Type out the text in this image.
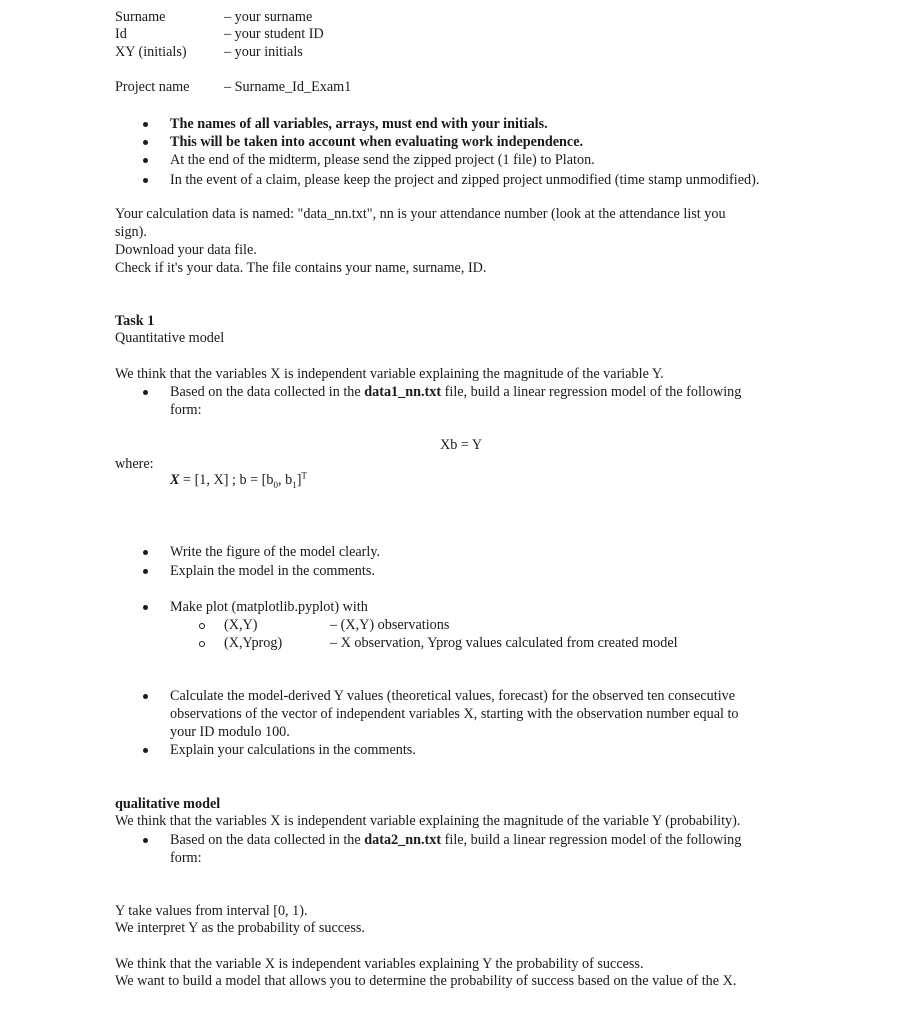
Surname	– your surname
Id	– your student ID
XY (initials)	– your initials
Project name – Surname_Id_Exam1
The names of all variables, arrays, must end with your initials.
This will be taken into account when evaluating work independence.
At the end of the midterm, please send the zipped project (1 file) to Platon.
In the event of a claim, please keep the project and zipped project unmodified (time stamp unmodified).
Your calculation data is named: "data_nn.txt", nn is your attendance number (look at the attendance list you
sign).
Download your data file.
Check if it's your data. The file contains your name, surname, ID.
Task 1
Quantitative model
We think that the variables X is independent variable explaining the magnitude of the variable Y.
Based on the data collected in the data1_nn.txt file, build a linear regression model of the following
form:
Xb = Y
where:
X = [1, X] ; $b = [b_0$, $b_1]^T$
Write the figure of the model clearly.
Explain the model in the comments.
Make plot (matplotlib.pyplot) with
(X,Y)	– (X,Y) observations
(X,Yprog)	– X observation, Yprog values calculated from created model
Calculate the model-derived Y values (theoretical values, forecast) for the observed ten consecutive
observations of the vector of independent variables X, starting with the observation number equal to
your ID modulo 100.
Explain your calculations in the comments.
qualitative model
We think that the variables X is independent variable explaining the magnitude of the variable Y (probability).
Based on the data collected in the data2_nn.txt file, build a linear regression model of the following
form:
Y take values from interval [0, 1).
We interpret Y as the probability of success.
We think that the variable X is independent variables explaining Y the probability of success.
We want to build a model that allows you to determine the probability of success based on the value of the X.
